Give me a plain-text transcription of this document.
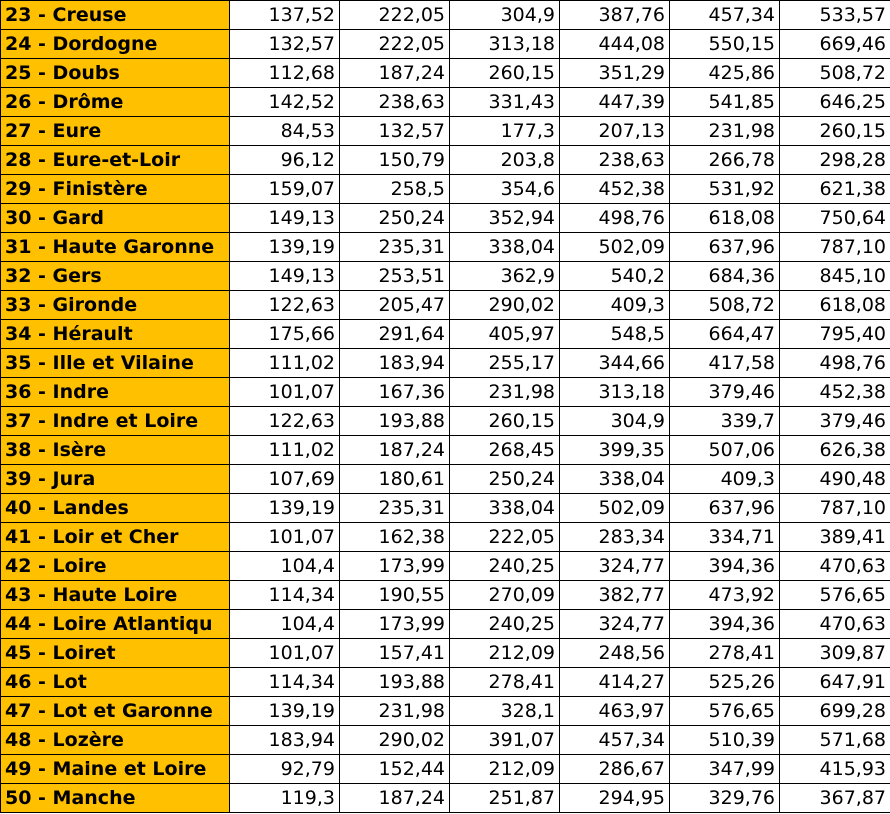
23 - Creuse	137,52	222,05	304,9	387,76	457,34	533,57
24 - Dordogne	132,57	222,05	313,18	444,08	550,15	669,46
25 - Doubs	112,68	187,24	260,15	351,29	425,86	508,72
26 - Drôme	142,52	238,63	331,43	447,39	541,85	646,25
27 - Eure	84,53	132,57	177,3	207,13	231,98	260,15
28 - Eure-et-Loir	96,12	150,79	203,8	238,63	266,78	298,28
29 - Finistère	159,07	258,5	354,6	452,38	531,92	621,38
30 - Gard	149,13	250,24	352,94	498,76	618,08	750,64
31 - Haute Garonne	139,19	235,31	338,04	502,09	637,96	787,10
32 - Gers	149,13	253,51	362,9	540,2	684,36	845,10
33 - Gironde	122,63	205,47	290,02	409,3	508,72	618,08
34 - Hérault	175,66	291,64	405,97	548,5	664,47	795,40
35 - Ille et Vilaine	111,02	183,94	255,17	344,66	417,58	498,76
36 - Indre	101,07	167,36	231,98	313,18	379,46	452,38
37 - Indre et Loire	122,63	193,88	260,15	304,9	339,7	379,46
38 - Isère	111,02	187,24	268,45	399,35	507,06	626,38
39 - Jura	107,69	180,61	250,24	338,04	409,3	490,48
40 - Landes	139,19	235,31	338,04	502,09	637,96	787,10
41 - Loir et Cher	101,07	162,38	222,05	283,34	334,71	389,41
42 - Loire	104,4	173,99	240,25	324,77	394,36	470,63
43 - Haute Loire	114,34	190,55	270,09	382,77	473,92	576,65
44 - Loire Atlantiqu	104,4	173,99	240,25	324,77	394,36	470,63
45 - Loiret	101,07	157,41	212,09	248,56	278,41	309,87
46 - Lot	114,34	193,88	278,41	414,27	525,26	647,91
47 - Lot et Garonne	139,19	231,98	328,1	463,97	576,65	699,28
48 - Lozère	183,94	290,02	391,07	457,34	510,39	571,68
49 - Maine et Loire	92,79	152,44	212,09	286,67	347,99	415,93
50 - Manche	119,3	187,24	251,87	294,95	329,76	367,87
